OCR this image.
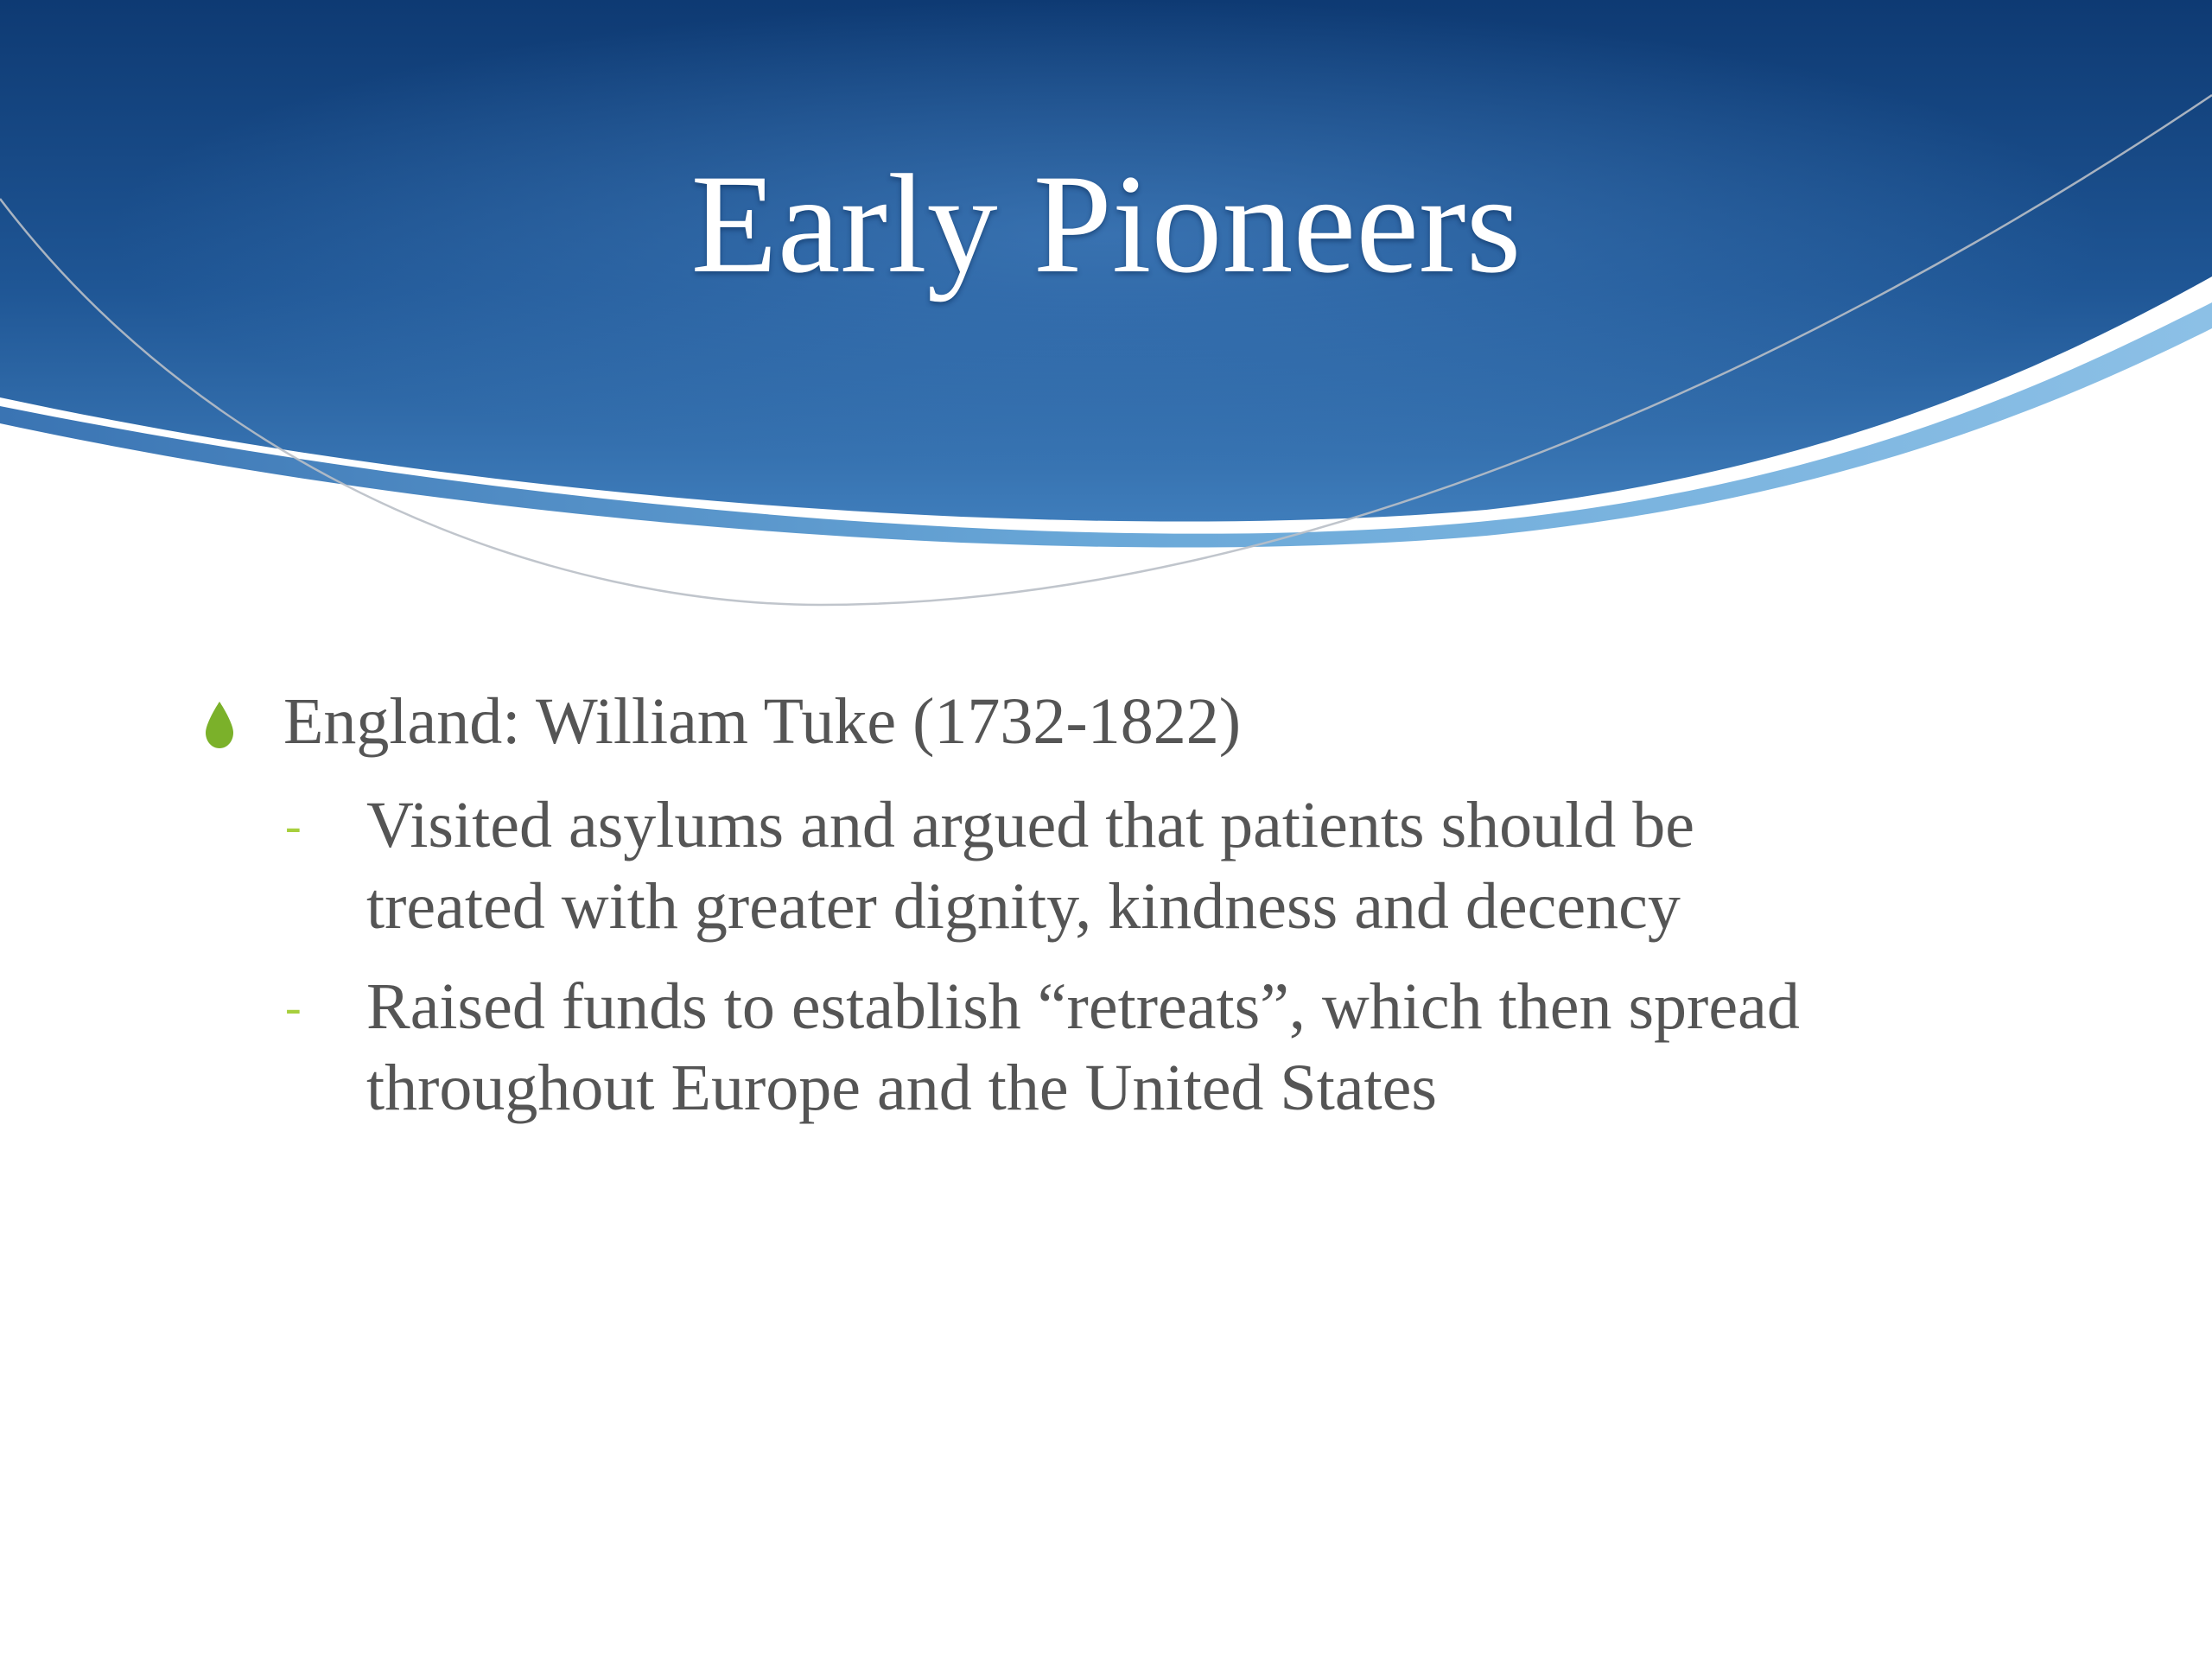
Early Pioneers

England: William Tuke (1732-1822)

- Visited asylums and argued that patients should be
treated with greater dignity, kindness and decency

- Raised funds to establish “retreats”, which then spread
throughout Europe and the United States
